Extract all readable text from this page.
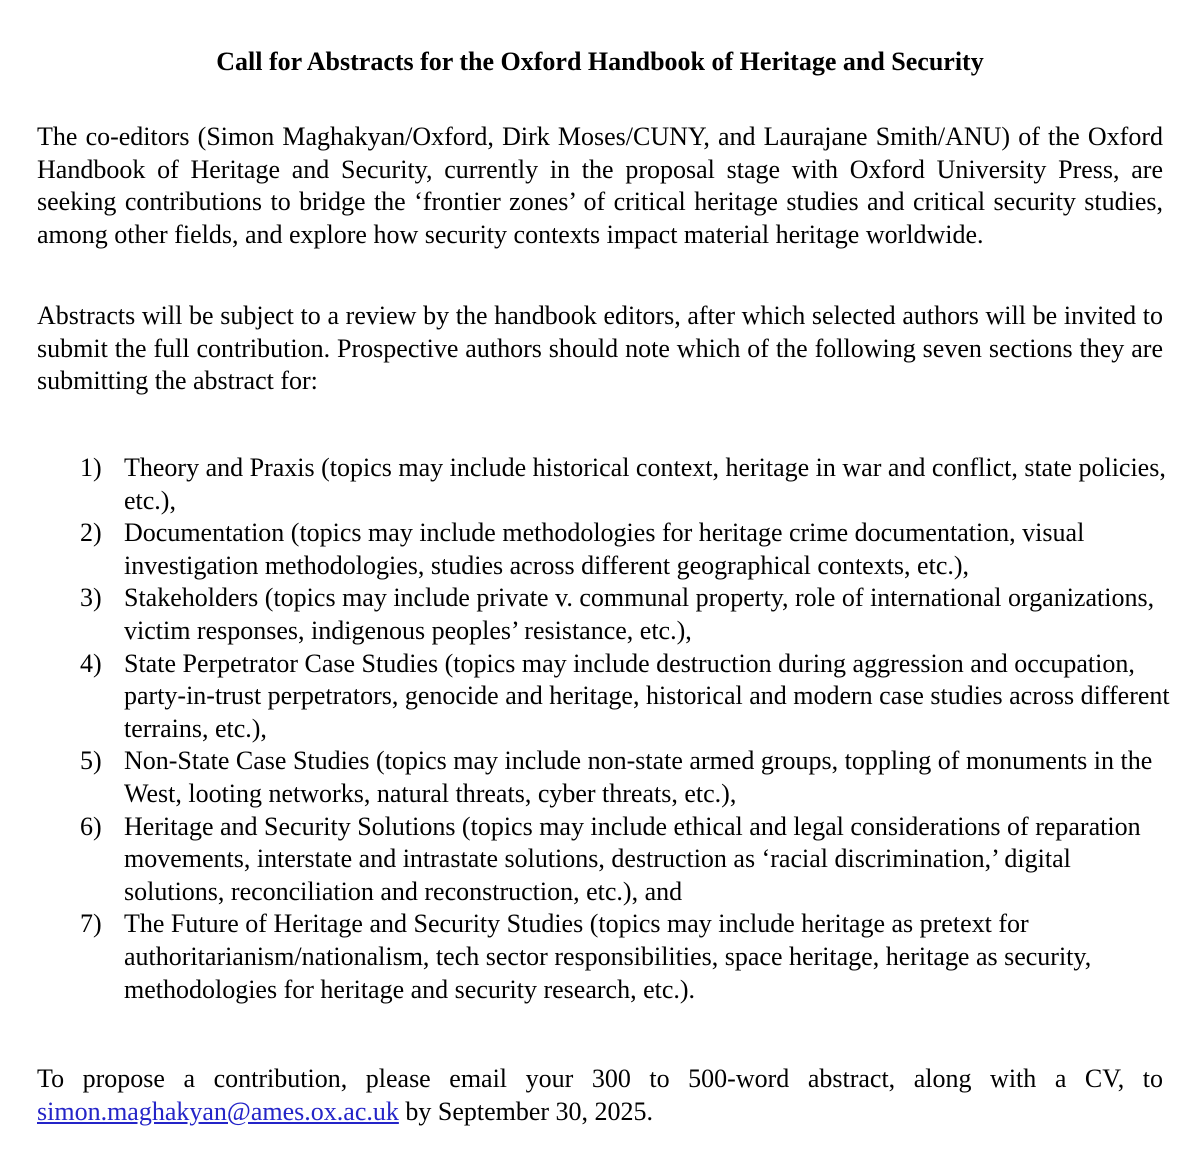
Call for Abstracts for the Oxford Handbook of Heritage and Security

The co-editors (Simon Maghakyan/Oxford, Dirk Moses/CUNY, and Laurajane Smith/ANU) of the Oxford Handbook of Heritage and Security, currently in the proposal stage with Oxford University Press, are seeking contributions to bridge the ‘frontier zones’ of critical heritage studies and critical security studies, among other fields, and explore how security contexts impact material heritage worldwide.

Abstracts will be subject to a review by the handbook editors, after which selected authors will be invited to submit the full contribution. Prospective authors should note which of the following seven sections they are submitting the abstract for:

1) Theory and Praxis (topics may include historical context, heritage in war and conflict, state policies, etc.),
2) Documentation (topics may include methodologies for heritage crime documentation, visual investigation methodologies, studies across different geographical contexts, etc.),
3) Stakeholders (topics may include private v. communal property, role of international organizations, victim responses, indigenous peoples’ resistance, etc.),
4) State Perpetrator Case Studies (topics may include destruction during aggression and occupation, party-in-trust perpetrators, genocide and heritage, historical and modern case studies across different terrains, etc.),
5) Non-State Case Studies (topics may include non-state armed groups, toppling of monuments in the West, looting networks, natural threats, cyber threats, etc.),
6) Heritage and Security Solutions (topics may include ethical and legal considerations of reparation movements, interstate and intrastate solutions, destruction as ‘racial discrimination,’ digital solutions, reconciliation and reconstruction, etc.), and
7) The Future of Heritage and Security Studies (topics may include heritage as pretext for authoritarianism/nationalism, tech sector responsibilities, space heritage, heritage as security, methodologies for heritage and security research, etc.).

To propose a contribution, please email your 300 to 500-word abstract, along with a CV, to simon.maghakyan@ames.ox.ac.uk by September 30, 2025.
